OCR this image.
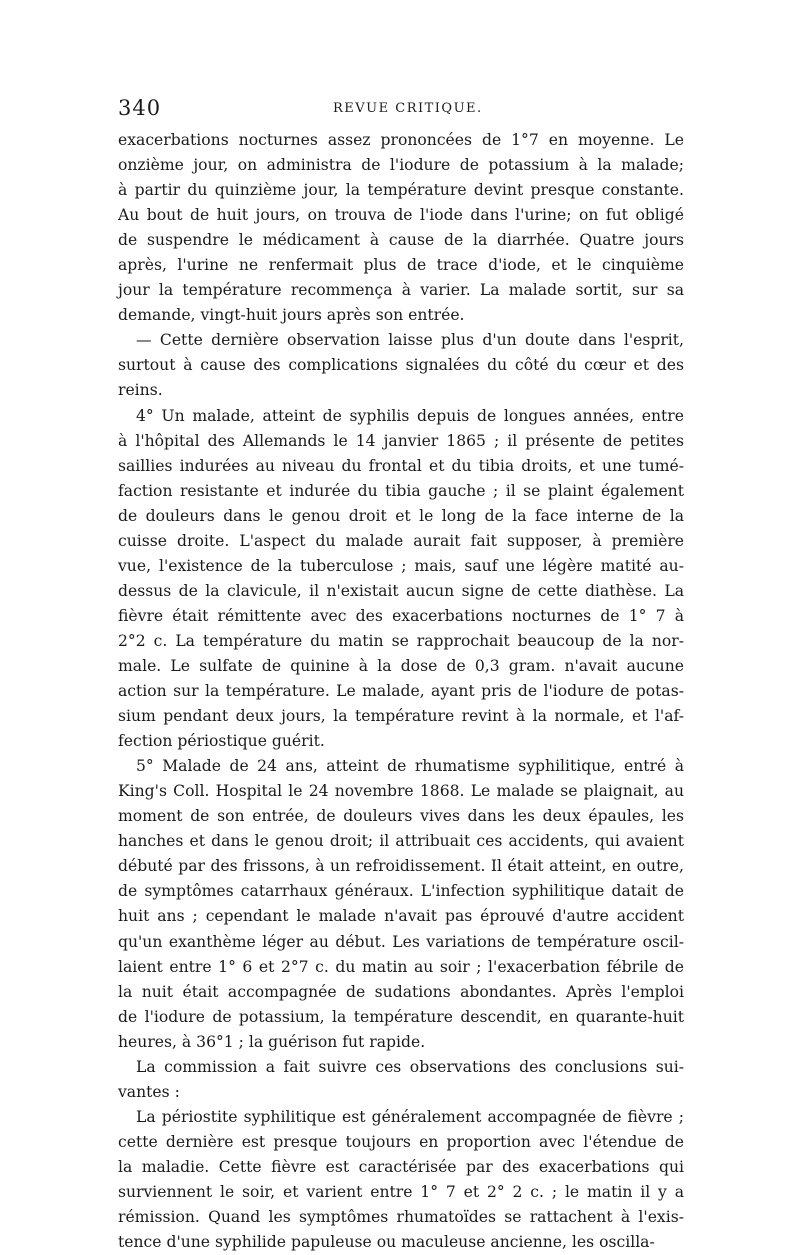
340	REVUE CRITIQUE.
exacerbations nocturnes assez prononcées de 1°7 en moyenne. Le
onzième jour, on administra de l'iodure de potassium à la malade;
à partir du quinzième jour, la température devint presque constante.
Au bout de huit jours, on trouva de l'iode dans l'urine; on fut obligé
de suspendre le médicament à cause de la diarrhée. Quatre jours
après, l'urine ne renfermait plus de trace d'iode, et le cinquième
jour la température recommença à varier. La malade sortit, sur sa
demande, vingt-huit jours après son entrée.
— Cette dernière observation laisse plus d'un doute dans l'esprit,
surtout à cause des complications signalées du côté du cœur et des
reins.
4° Un malade, atteint de syphilis depuis de longues années, entre
à l'hôpital des Allemands le 14 janvier 1865 ; il présente de petites
saillies indurées au niveau du frontal et du tibia droits, et une tumé-
faction resistante et indurée du tibia gauche ; il se plaint également
de douleurs dans le genou droit et le long de la face interne de la
cuisse droite. L'aspect du malade aurait fait supposer, à première
vue, l'existence de la tuberculose ; mais, sauf une légère matité au-
dessus de la clavicule, il n'existait aucun signe de cette diathèse. La
fièvre était rémittente avec des exacerbations nocturnes de 1° 7 à
2°2 c. La température du matin se rapprochait beaucoup de la nor-
male. Le sulfate de quinine à la dose de 0,3 gram. n'avait aucune
action sur la température. Le malade, ayant pris de l'iodure de potas-
sium pendant deux jours, la température revint à la normale, et l'af-
fection périostique guérit.
5° Malade de 24 ans, atteint de rhumatisme syphilitique, entré à
King's Coll. Hospital le 24 novembre 1868. Le malade se plaignait, au
moment de son entrée, de douleurs vives dans les deux épaules, les
hanches et dans le genou droit; il attribuait ces accidents, qui avaient
débuté par des frissons, à un refroidissement. Il était atteint, en outre,
de symptômes catarrhaux généraux. L'infection syphilitique datait de
huit ans ; cependant le malade n'avait pas éprouvé d'autre accident
qu'un exanthème léger au début. Les variations de température oscil-
laient entre 1° 6 et 2°7 c. du matin au soir ; l'exacerbation fébrile de
la nuit était accompagnée de sudations abondantes. Après l'emploi
de l'iodure de potassium, la température descendit, en quarante-huit
heures, à 36°1 ; la guérison fut rapide.
La commission a fait suivre ces observations des conclusions sui-
vantes :
La périostite syphilitique est généralement accompagnée de fièvre ;
cette dernière est presque toujours en proportion avec l'étendue de
la maladie. Cette fièvre est caractérisée par des exacerbations qui
surviennent le soir, et varient entre 1° 7 et 2° 2 c. ; le matin il y a
rémission. Quand les symptômes rhumatoïdes se rattachent à l'exis-
tence d'une syphilide papuleuse ou maculeuse ancienne, les oscilla-
